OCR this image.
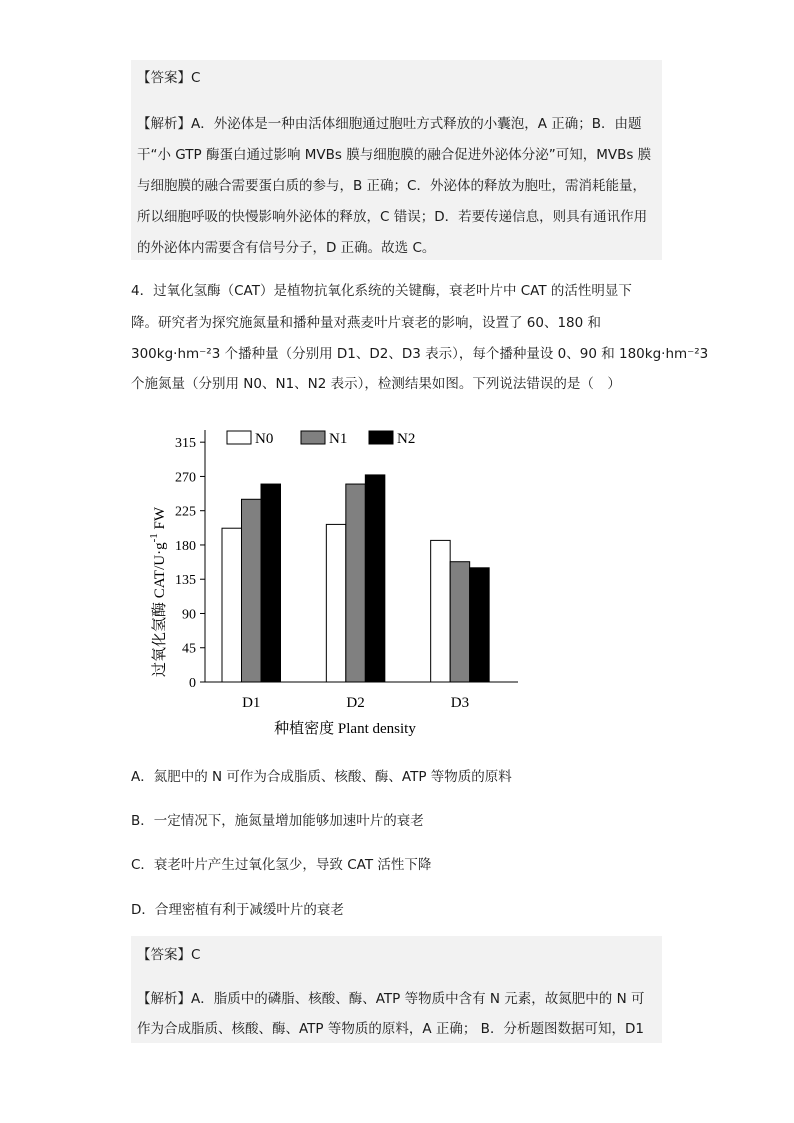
【答案】C
【解析】A．外泌体是一种由活体细胞通过胞吐方式释放的小囊泡，A 正确；B．由题
干“小 GTP 酶蛋白通过影响 MVBs 膜与细胞膜的融合促进外泌体分泌”可知，MVBs 膜
与细胞膜的融合需要蛋白质的参与，B 正确；C．外泌体的释放为胞吐，需消耗能量，
所以细胞呼吸的快慢影响外泌体的释放，C 错误；D．若要传递信息，则具有通讯作用
的外泌体内需要含有信号分子，D 正确。故选 C。
4．过氧化氢酶（CAT）是植物抗氧化系统的关键酶，衰老叶片中 CAT 的活性明显下
降。研究者为探究施氮量和播种量对燕麦叶片衰老的影响，设置了 60、180 和
300kg·hm⁻²3 个播种量（分别用 D1、D2、D3 表示），每个播种量设 0、90 和 180kg·hm⁻²3
个施氮量（分别用 N0、N1、N2 表示），检测结果如图。下列说法错误的是（　）
0
45
90
135
180
225
270
315
D1	D2	D3
N0	N1	N2
过氧化氢酶 CAT/$U\cdot g^{-1}$ FW
种植密度 Plant density
A．氮肥中的 N 可作为合成脂质、核酸、酶、ATP 等物质的原料
B．一定情况下，施氮量增加能够加速叶片的衰老
C．衰老叶片产生过氧化氢少，导致 CAT 活性下降
D．合理密植有利于减缓叶片的衰老
【答案】C
【解析】A．脂质中的磷脂、核酸、酶、ATP 等物质中含有 N 元素，故氮肥中的 N 可
作为合成脂质、核酸、酶、ATP 等物质的原料，A 正确； B．分析题图数据可知，D1
